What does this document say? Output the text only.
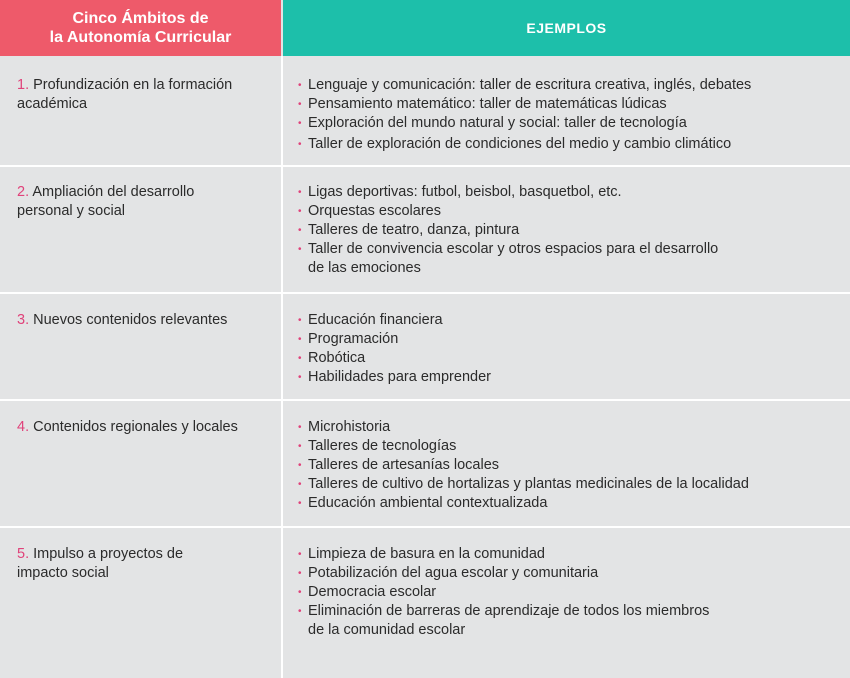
Cinco Ámbitos de
la Autonomía Curricular
EJEMPLOS
1. Profundización en la formación
académica
• Lenguaje y comunicación: taller de escritura creativa, inglés, debates
• Pensamiento matemático: taller de matemáticas lúdicas
• Exploración del mundo natural y social: taller de tecnología
• Taller de exploración de condiciones del medio y cambio climático
2. Ampliación del desarrollo
personal y social
• Ligas deportivas: futbol, beisbol, basquetbol, etc.
• Orquestas escolares
• Talleres de teatro, danza, pintura
• Taller de convivencia escolar y otros espacios para el desarrollo
de las emociones
3. Nuevos contenidos relevantes	• Educación financiera
• Programación
• Robótica
• Habilidades para emprender
4. Contenidos regionales y locales	• Microhistoria
• Talleres de tecnologías
• Talleres de artesanías locales
• Talleres de cultivo de hortalizas y plantas medicinales de la localidad
• Educación ambiental contextualizada
5. Impulso a proyectos de
impacto social
• Limpieza de basura en la comunidad
• Potabilización del agua escolar y comunitaria
• Democracia escolar
• Eliminación de barreras de aprendizaje de todos los miembros
de la comunidad escolar
